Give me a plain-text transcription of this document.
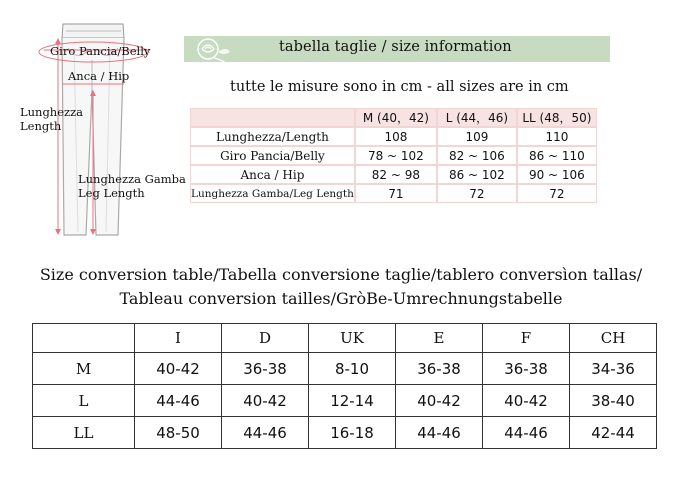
Giro Pancia/Belly
Anca / Hip
Lunghezza
Length
Lunghezza Gamba
Leg Length
tabella taglie / size information
tutte le misure sono in cm - all sizes are in cm
	M (40，42)	L (44，46)	LL (48，50)
Lunghezza/Length	108	109	110
Giro Pancia/Belly	78 ~ 102	82 ~ 106	86 ~ 110
Anca / Hip	82 ~ 98	86 ~ 102	90 ~ 106
Lunghezza Gamba/Leg Length	71	72	72
Size conversion table/Tabella conversione taglie/tablero conversìon tallas/
Tableau conversion tailles/GròBe-Umrechnungstabelle
	I	D	UK	E	F	CH
M	40-42	36-38	8-10	36-38	36-38	34-36
L	44-46	40-42	12-14	40-42	40-42	38-40
LL	48-50	44-46	16-18	44-46	44-46	42-44
